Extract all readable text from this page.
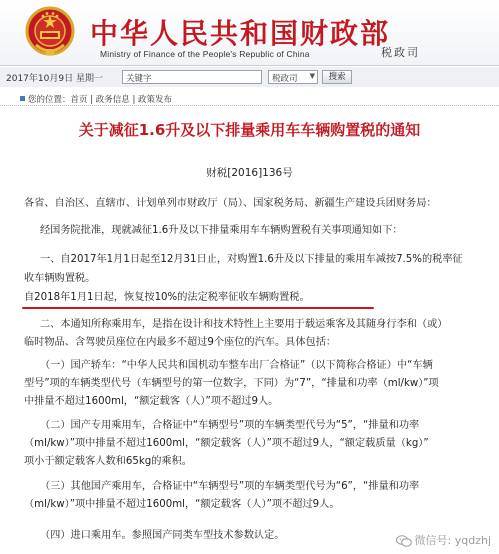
中华人民共和国财政部
Ministry of Finance of the People's Republic of China	税政司
2017年10月9日 星期一	关键字	税政司 ▼	搜索
您的位置：首页 | 政务信息 | 政策发布
关于减征1.6升及以下排量乘用车车辆购置税的通知
财税[2016]136号
各省、自治区、直辖市、计划单列市财政厅（局）、国家税务局、新疆生产建设兵团财务局：
经国务院批准，现就减征1.6升及以下排量乘用车车辆购置税有关事项通知如下：
一、自2017年1月1日起至12月31日止，对购置1.6升及以下排量的乘用车减按7.5%的税率征
收车辆购置税。
自2018年1月1日起，恢复按10%的法定税率征收车辆购置税。
二、本通知所称乘用车，是指在设计和技术特性上主要用于载运乘客及其随身行李和（或）
临时物品、含驾驶员座位在内最多不超过9个座位的汽车。具体包括：
（一）国产轿车：“中华人民共和国机动车整车出厂合格证”（以下简称合格证）中“车辆
型号”项的车辆类型代号（车辆型号的第一位数字，下同）为“7”，“排量和功率（ml/kw）”项
中排量不超过1600ml，“额定载客（人）”项不超过9人。
（二）国产专用乘用车，合格证中“车辆型号”项的车辆类型代号为“5”，“排量和功率
（ml/kw）”项中排量不超过1600ml，“额定载客（人）”项不超过9人，“额定载质量（kg）”
项小于额定载客人数和65kg的乘积。
（三）其他国产乘用车，合格证中“车辆型号”项的车辆类型代号为“6”，“排量和功率
（ml/kw）”项中排量不超过1600ml，“额定载客（人）”项不超过9人。
（四）进口乘用车。参照国产同类车型技术参数认定。	微信号: yqdzhj
